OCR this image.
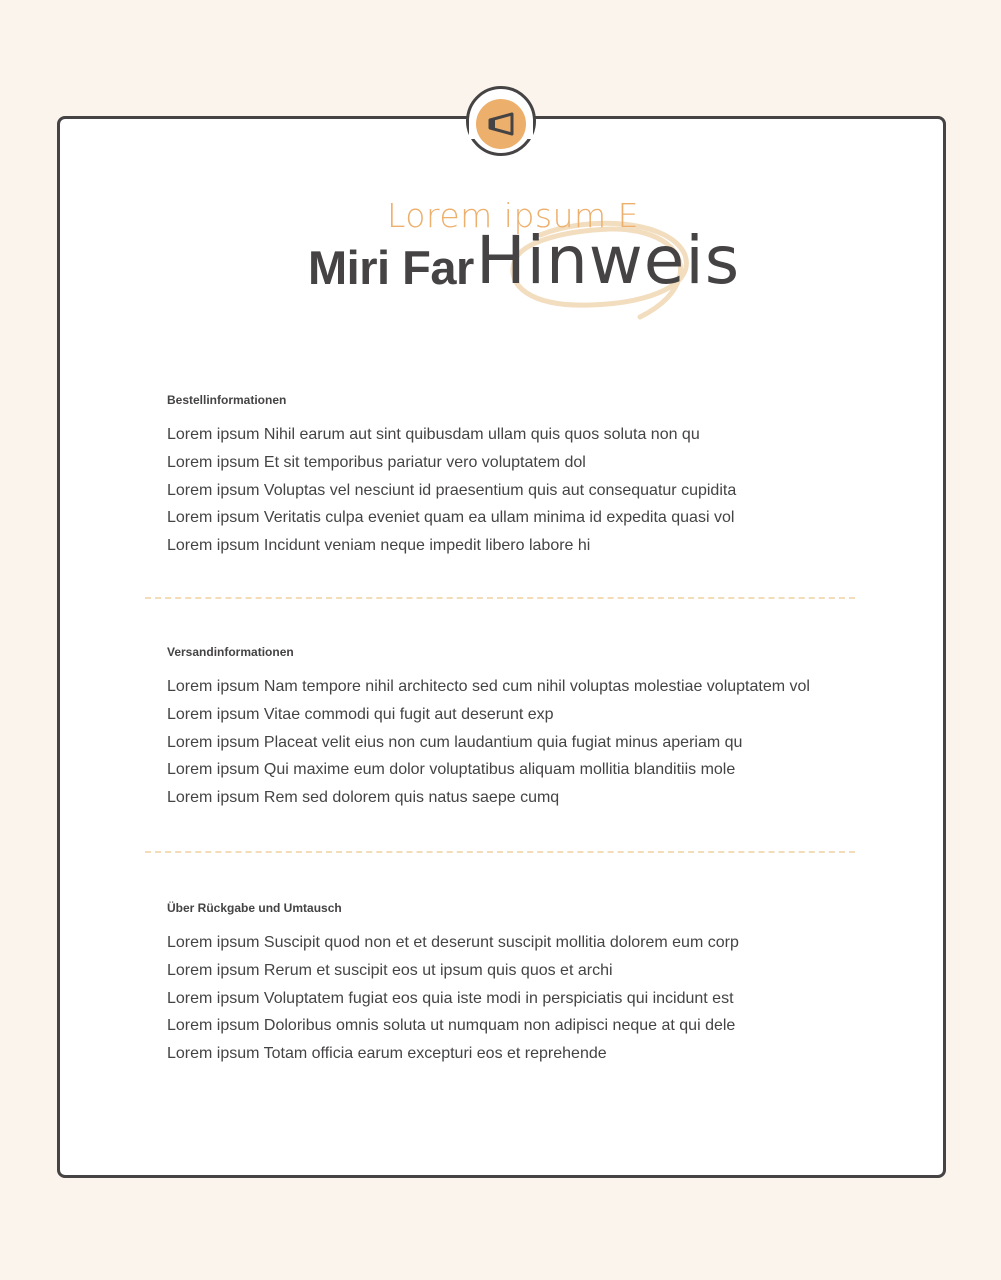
Lorem ipsum E
Miri Far Hinweis
Bestellinformationen

Lorem ipsum Nihil earum aut sint quibusdam ullam quis quos soluta non qu

Lorem ipsum Et sit temporibus pariatur vero voluptatem dol

Lorem ipsum Voluptas vel nesciunt id praesentium quis aut consequatur cupidita

Lorem ipsum Veritatis culpa eveniet quam ea ullam minima id expedita quasi vol

Lorem ipsum Incidunt veniam neque impedit libero labore hi

Versandinformationen

Lorem ipsum Nam tempore nihil architecto sed cum nihil voluptas molestiae voluptatem vol

Lorem ipsum Vitae commodi qui fugit aut deserunt exp

Lorem ipsum Placeat velit eius non cum laudantium quia fugiat minus aperiam qu

Lorem ipsum Qui maxime eum dolor voluptatibus aliquam mollitia blanditiis mole

Lorem ipsum Rem sed dolorem quis natus saepe cumq

Über Rückgabe und Umtausch

Lorem ipsum Suscipit quod non et et deserunt suscipit mollitia dolorem eum corp

Lorem ipsum Rerum et suscipit eos ut ipsum quis quos et archi

Lorem ipsum Voluptatem fugiat eos quia iste modi in perspiciatis qui incidunt est

Lorem ipsum Doloribus omnis soluta ut numquam non adipisci neque at qui dele

Lorem ipsum Totam officia earum excepturi eos et reprehende
